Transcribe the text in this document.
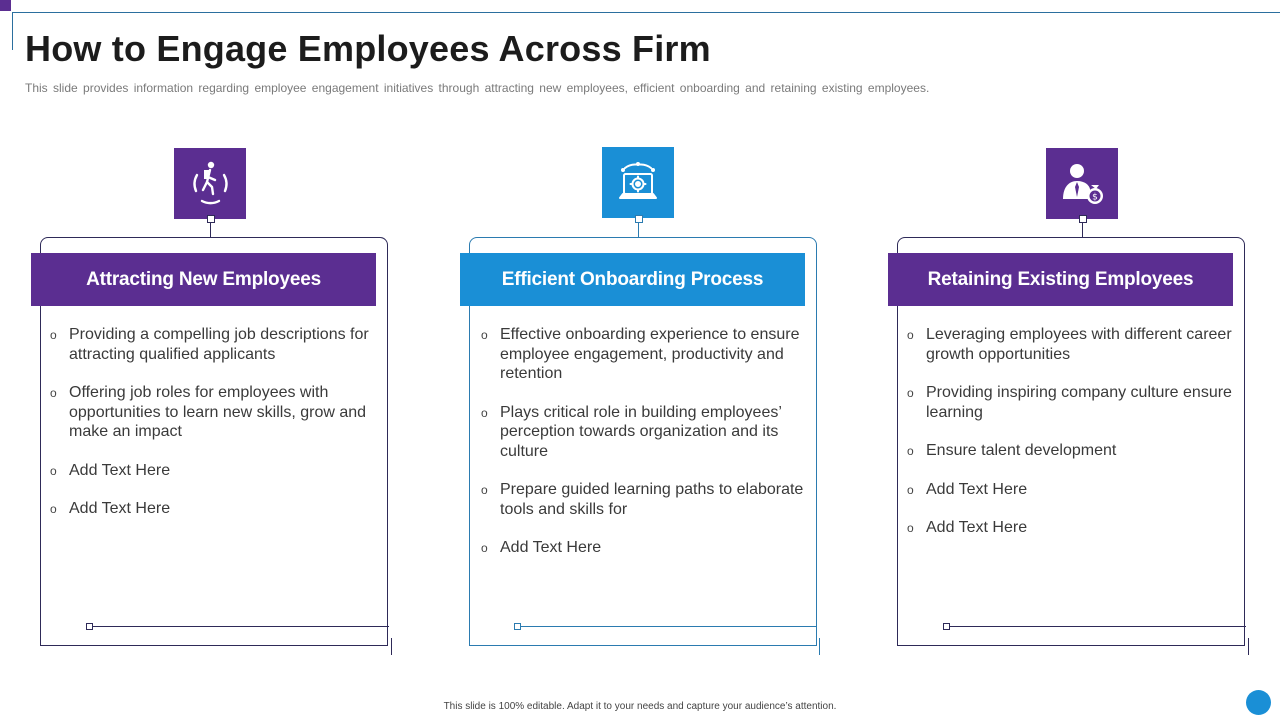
How to Engage Employees Across Firm

This slide provides information regarding employee engagement initiatives through attracting new employees, efficient onboarding and retaining existing employees.

Attracting New Employees
o Providing a compelling job descriptions for attracting qualified applicants
o Offering job roles for employees with opportunities to learn new skills, grow and make an impact
o Add Text Here
o Add Text Here
Efficient Onboarding Process
o Effective onboarding experience to ensure employee engagement, productivity and retention
o Plays critical role in building employees’ perception towards organization and its culture
o Prepare guided learning paths to elaborate tools and skills for
o Add Text Here
$
Retaining Existing Employees
o Leveraging employees with different career growth opportunities
o Providing inspiring company culture ensure learning
o Ensure talent development
o Add Text Here
o Add Text Here
This slide is 100% editable. Adapt it to your needs and capture your audience’s attention.
